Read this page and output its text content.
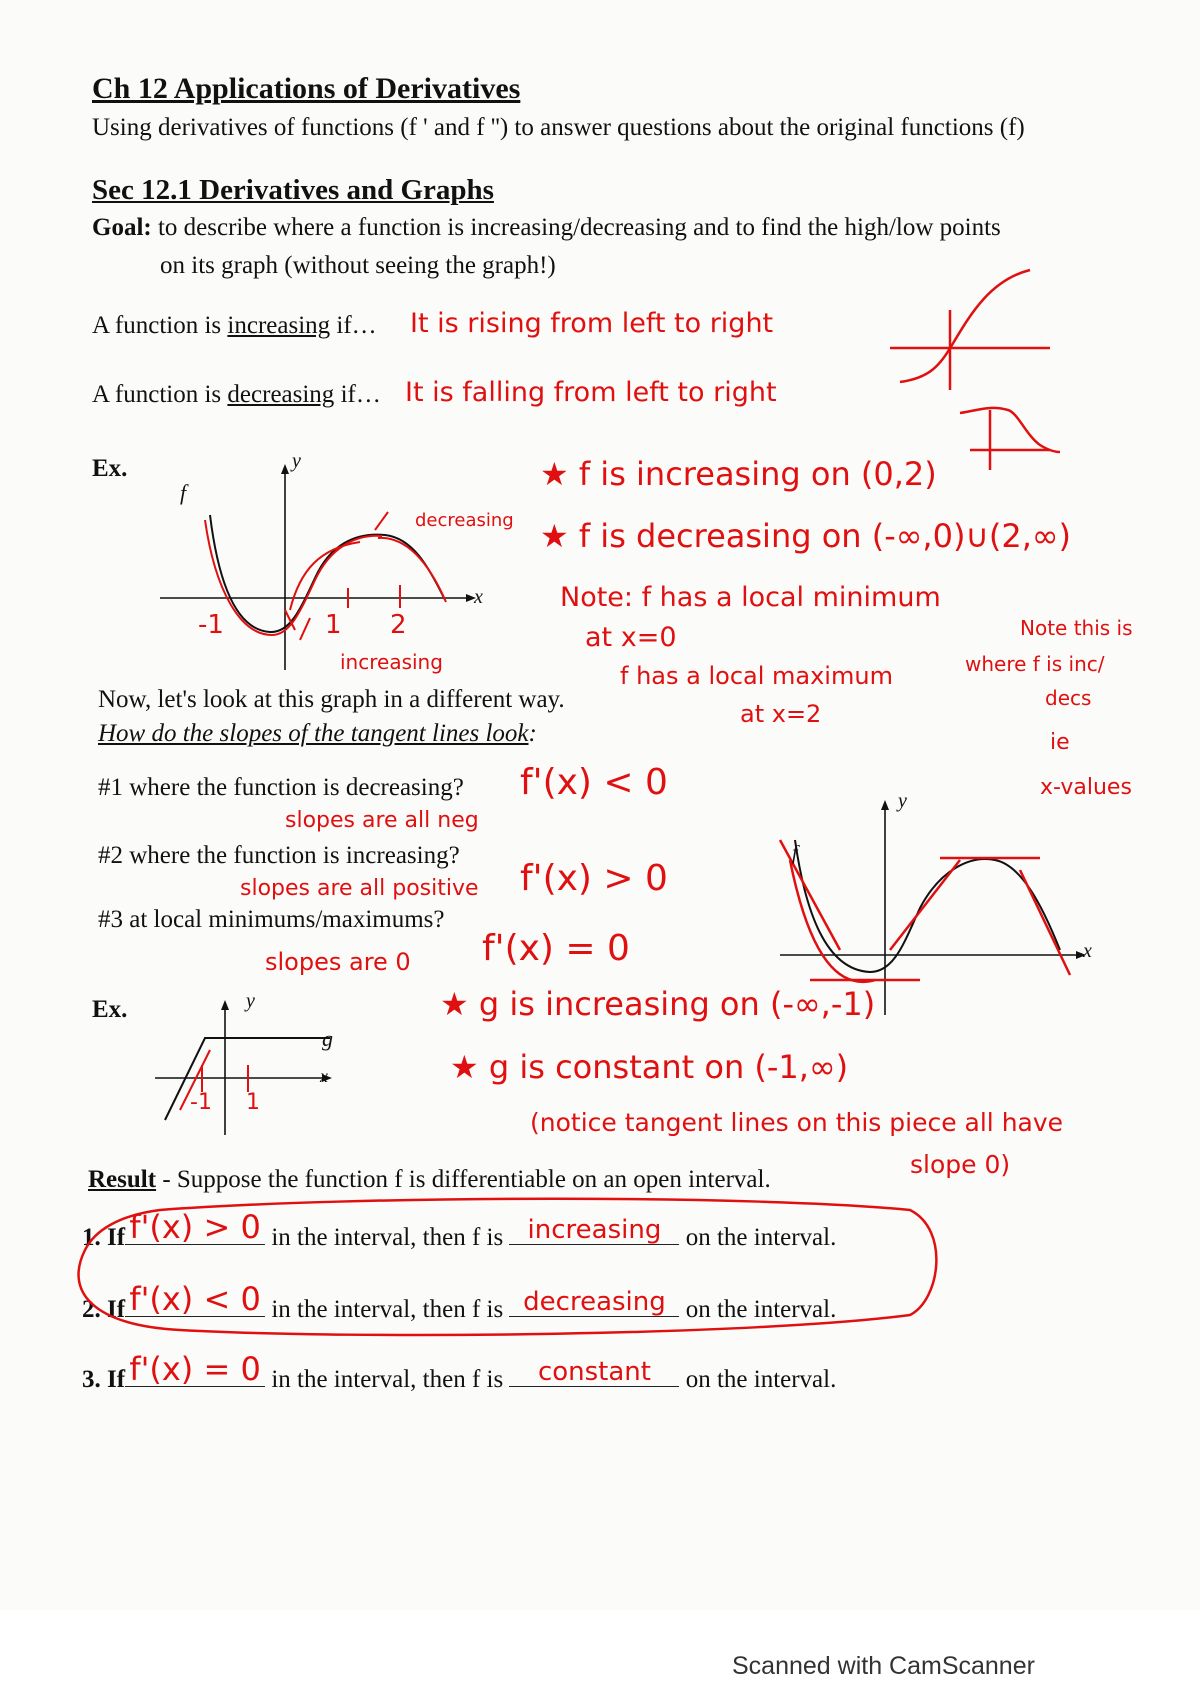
Ch 12 Applications of Derivatives
Using derivatives of functions (f ' and f '') to answer questions about the original functions (f)
Sec 12.1 Derivatives and Graphs
Goal: to describe where a function is increasing/decreasing and to find the high/low points
on its graph (without seeing the graph!)
A function is increasing if… It is rising from left to right
A function is decreasing if… It is falling from left to right
Ex.
f
y
x
-1	1 2
decreasing
increasing
★ f is increasing on (0,2)
★ f is decreasing on (-∞,0)∪(2,∞)
Note: f has a local minimum
at x=0
f has a local maximum
at x=2
Note this is
where f is inc/
decs
ie
x-values
Now, let's look at this graph in a different way.
How do the slopes of the tangent lines look:
#1 where the function is decreasing? f'(x) < 0
slopes are all neg
#2 where the function is increasing?
f'(x) > 0
slopes are all positive
#3 at local minimums/maximums?
f'(x) = 0
slopes are 0
f
y
x
Ex.	y
g
x
-1 1
★ g is increasing on (-∞,-1)
★ g is constant on (-1,∞)
(notice tangent lines on this piece all have
slope 0)
Result - Suppose the function f is differentiable on an open interval.
1. If f'(x) > 0 in the interval, then f is increasing on the interval.
2. If f'(x) < 0 in the interval, then f is decreasing on the interval.
3. If f'(x) = 0 in the interval, then f is	constant	on the interval.
Scanned with CamScanner
